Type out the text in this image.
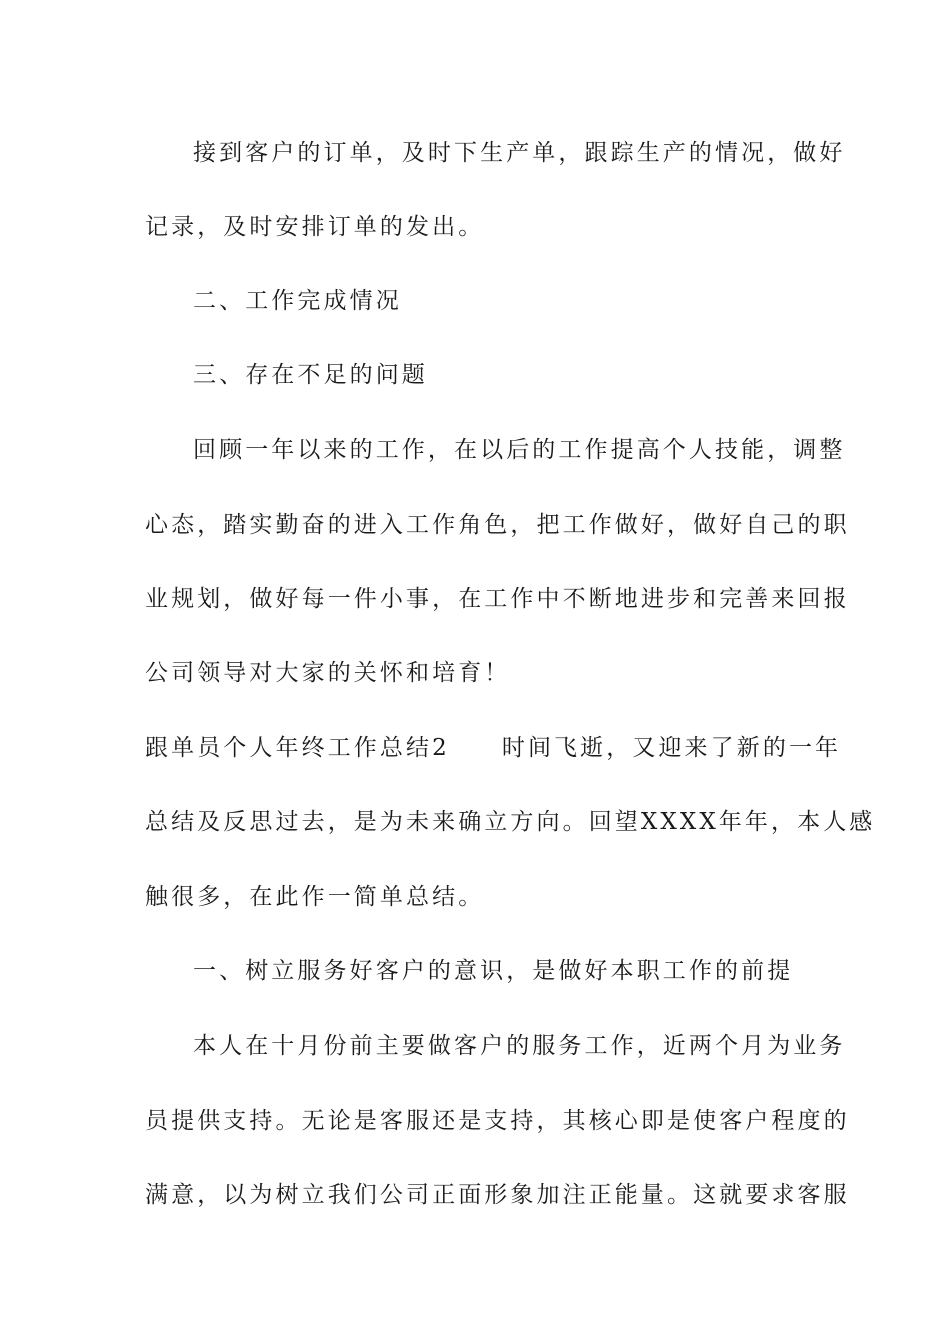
接到客户的订单，及时下生产单，跟踪生产的情况，做好
记录，及时安排订单的发出。
二、工作完成情况
三、存在不足的问题
回顾一年以来的工作，在以后的工作提高个人技能，调整
心态，踏实勤奋的进入工作角色，把工作做好，做好自己的职
业规划，做好每一件小事，在工作中不断地进步和完善来回报
公司领导对大家的关怀和培育！
跟单员个人年终工作总结2 时间飞逝，又迎来了新的一年
总结及反思过去，是为未来确立方向。回望XXXX年年，本人感
触很多，在此作一简单总结。
一、树立服务好客户的意识，是做好本职工作的前提
本人在十月份前主要做客户的服务工作，近两个月为业务
员提供支持。无论是客服还是支持，其核心即是使客户程度的
满意，以为树立我们公司正面形象加注正能量。这就要求客服
